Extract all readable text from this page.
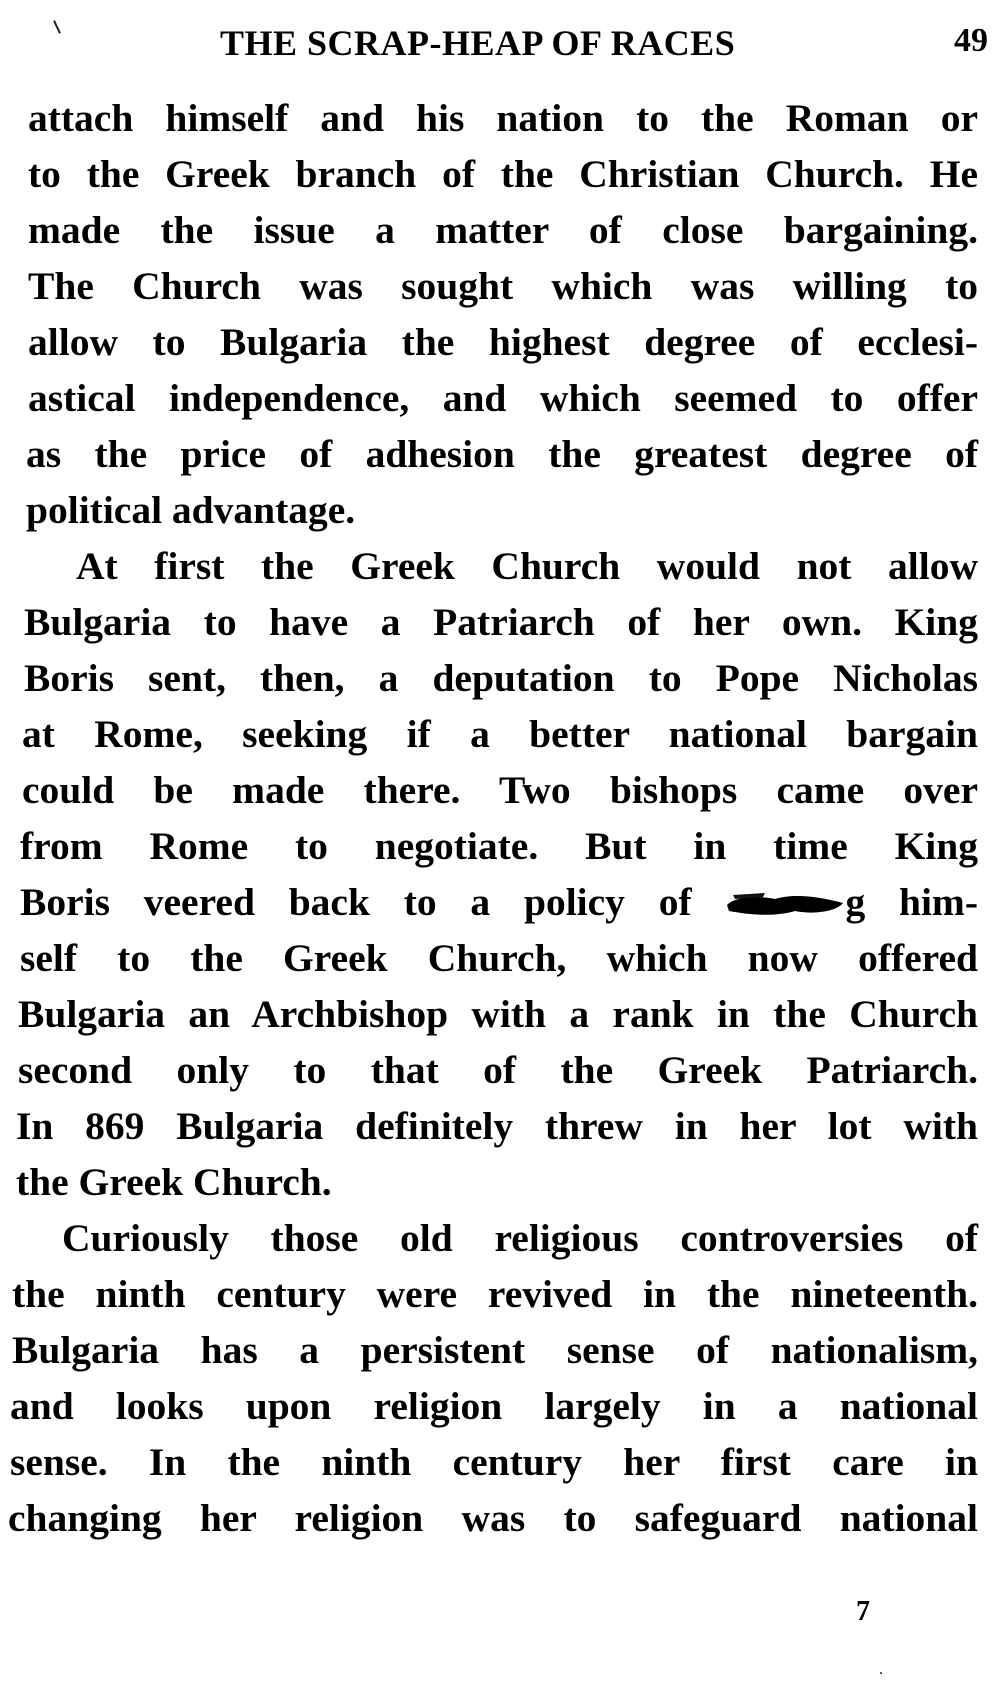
THE SCRAP-HEAP OF RACES	49
attach himself and his nation to the Roman or
to the Greek branch of the Christian Church. He
made the issue a matter of close bargaining.
The Church was sought which was willing to
allow to Bulgaria the highest degree of ecclesi-
astical independence, and which seemed to offer
as the price of adhesion the greatest degree of
political advantage.
At first the Greek Church would not allow
Bulgaria to have a Patriarch of her own. King
Boris sent, then, a deputation to Pope Nicholas
at Rome, seeking if a better national bargain
could be made there. Two bishops came over
from Rome to negotiate. But in time King
Boris veered back to a policy of	g him-
self to the Greek Church, which now offered
Bulgaria an Archbishop with a rank in the Church
second only to that of the Greek Patriarch.
In 869 Bulgaria definitely threw in her lot with
the Greek Church.
Curiously those old religious controversies of
the ninth century were revived in the nineteenth.
Bulgaria has a persistent sense of nationalism,
and looks upon religion largely in a national
sense. In the ninth century her first care in
changing her religion was to safeguard national
7
